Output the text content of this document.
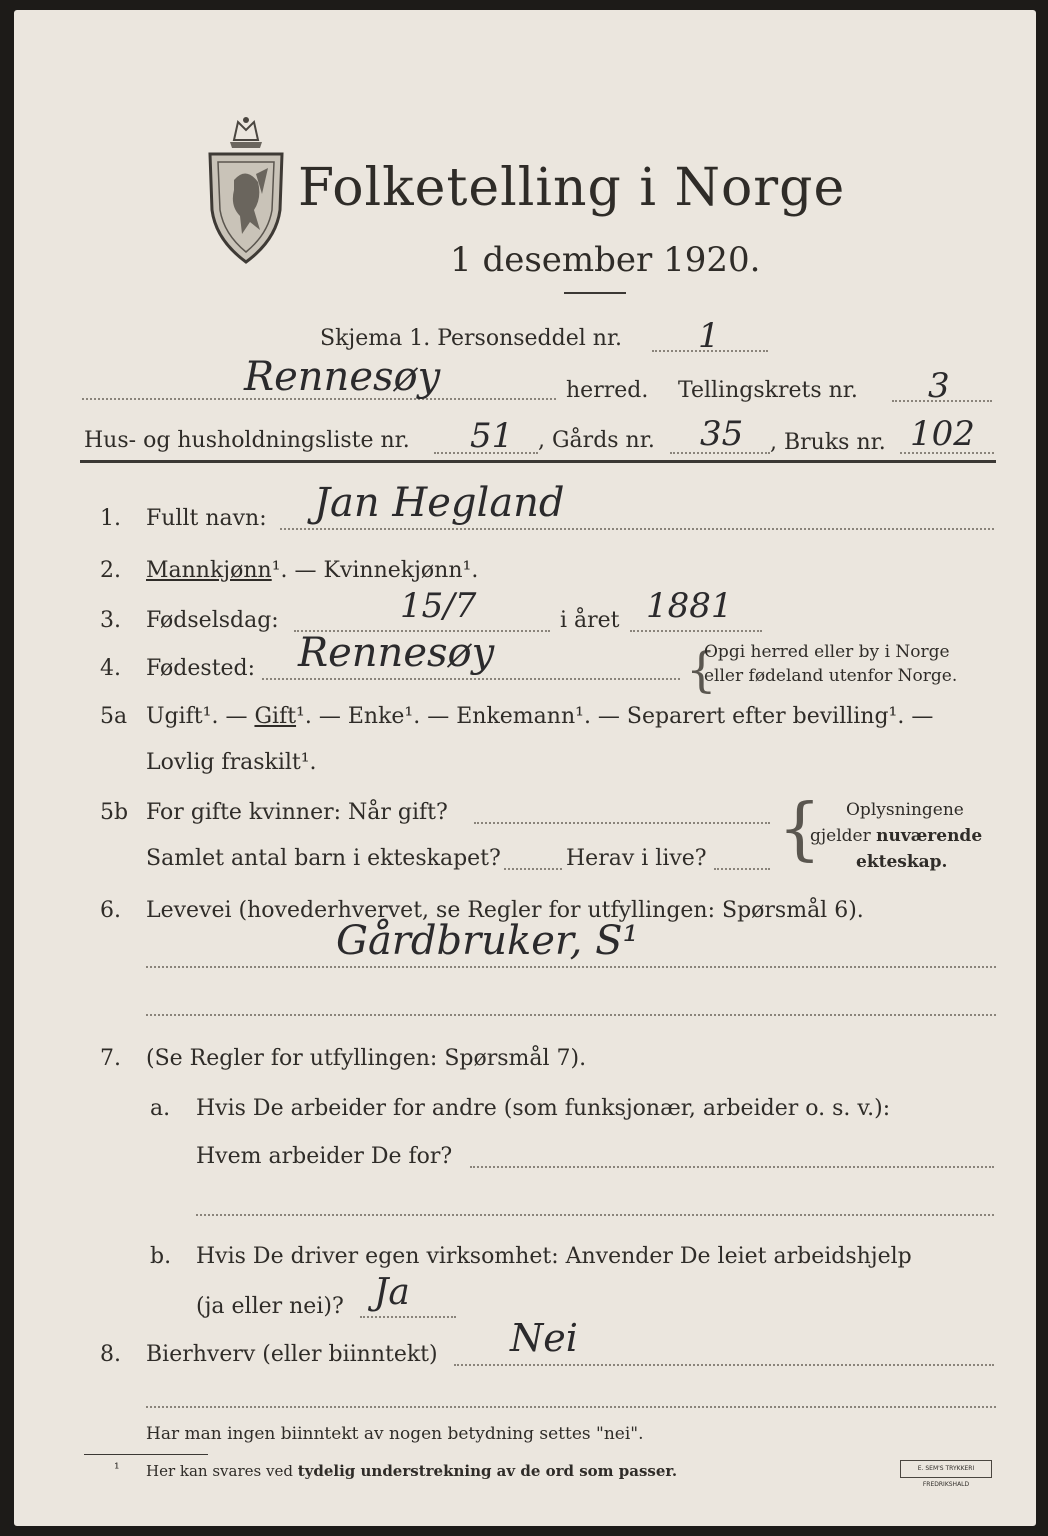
Folketelling i Norge
1 desember 1920.
Skjema 1. Personseddel nr. 1
Rennesøy	herred. Tellingskrets nr. 3
Hus- og husholdningsliste nr. 51 , Gårds nr. 35 , Bruks nr. 102
1. Fullt navn: Jan Hegland
2. Mannkjønn¹. — Kvinnekjønn¹.
3. Fødselsdag:	15/7	i året 1881
4. Fødested: Rennesøy	{
Opgi herred eller by i Norge
eller fødeland utenfor Norge.
5a Ugift¹. — Gift¹. — Enke¹. — Enkemann¹. — Separert efter bevilling¹. —
Lovlig fraskilt¹.
5b For gifte kvinner: Når gift?
Samlet antal barn i ekteskapet?	Herav i live? { Oplysningene
gjelder nuværende
ekteskap.
6. Levevei (hovederhvervet, se Regler for utfyllingen: Spørsmål 6).
Gårdbruker, S¹
7. (Se Regler for utfyllingen: Spørsmål 7).
a. Hvis De arbeider for andre (som funksjonær, arbeider o. s. v.):
Hvem arbeider De for?
b. Hvis De driver egen virksomhet: Anvender De leiet arbeidshjelp
(ja eller nei)? Ja
8. Bierhverv (eller biinntekt) Nei
Har man ingen biinntekt av nogen betydning settes "nei".
¹ Her kan svares ved tydelig understrekning av de ord som passer.	E. SEM'S TRYKKERI FREDRIKSHALD
